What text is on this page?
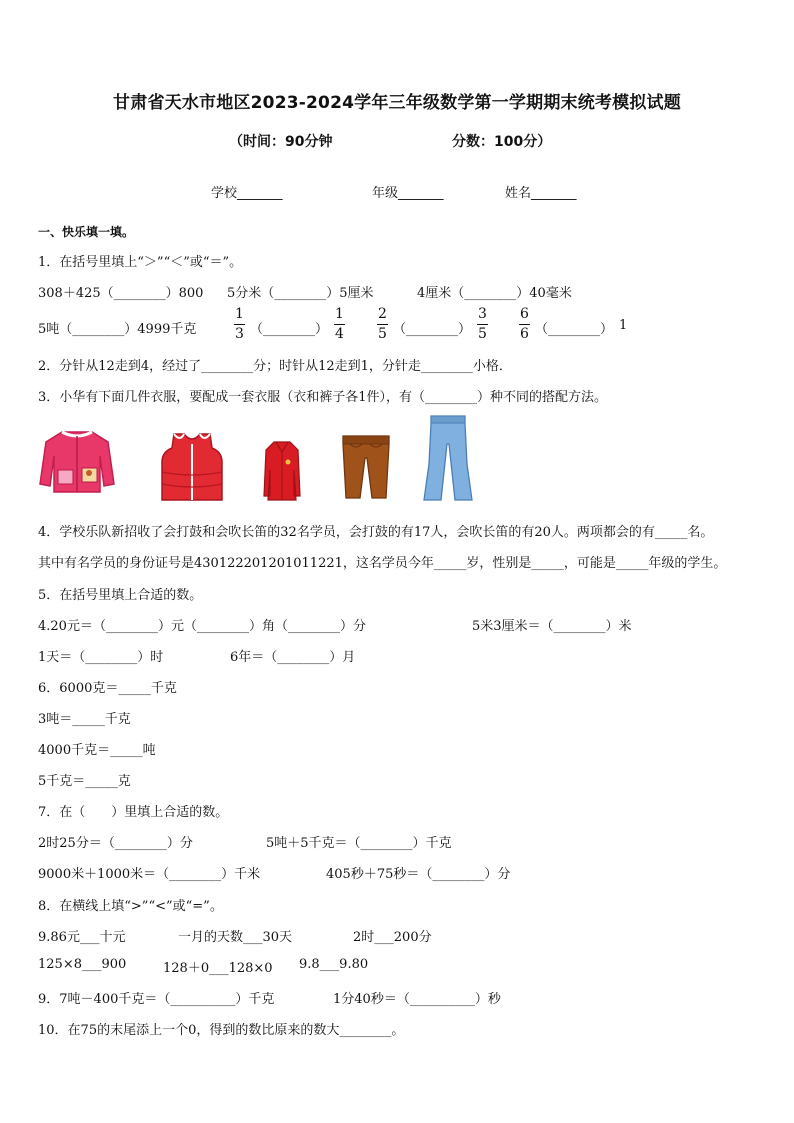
甘肃省天水市地区2023-2024学年三年级数学第一学期期末统考模拟试题
（时间：90分钟	分数：100分）
学校_______	年级_______	姓名_______
一、快乐填一填。
1．在括号里填上“＞”“＜”或“＝”。
308＋425（________）800 5分米（________）5厘米	4厘米（________）40毫米
5吨（________）4999千克
1
3 （________）
1
4
2
5 （________）
3
5
6
6 （________） 1
2．分针从12走到4，经过了________分；时针从12走到1，分针走________小格．
3．小华有下面几件衣服，要配成一套衣服（衣和裤子各1件），有（________）种不同的搭配方法。
4．学校乐队新招收了会打鼓和会吹长笛的32名学员，会打鼓的有17人，会吹长笛的有20人。两项都会的有_____名。
其中有名学员的身份证号是430122201201011221，这名学员今年_____岁，性别是_____，可能是_____年级的学生。
5．在括号里填上合适的数。
4.20元＝（________）元（________）角（________）分	5米3厘米＝（________）米
1天＝（________）时	6年＝（________）月
6．6000克＝_____千克
3吨＝_____千克
4000千克＝_____吨
5千克＝_____克
7．在（　　）里填上合适的数。
2时25分＝（________）分	5吨＋5千克＝（________）千克
9000米＋1000米＝（________）千米	405秒＋75秒＝（________）分
8．在横线上填“>”“<”或“=”。
9.86元___十元	一月的天数___30天	2时___200分
125×8___900	128＋0___128×0 9.8___9.80
9．7吨－400千克＝（__________）千克	1分40秒＝（__________）秒
10．在75的末尾添上一个0，得到的数比原来的数大________。
